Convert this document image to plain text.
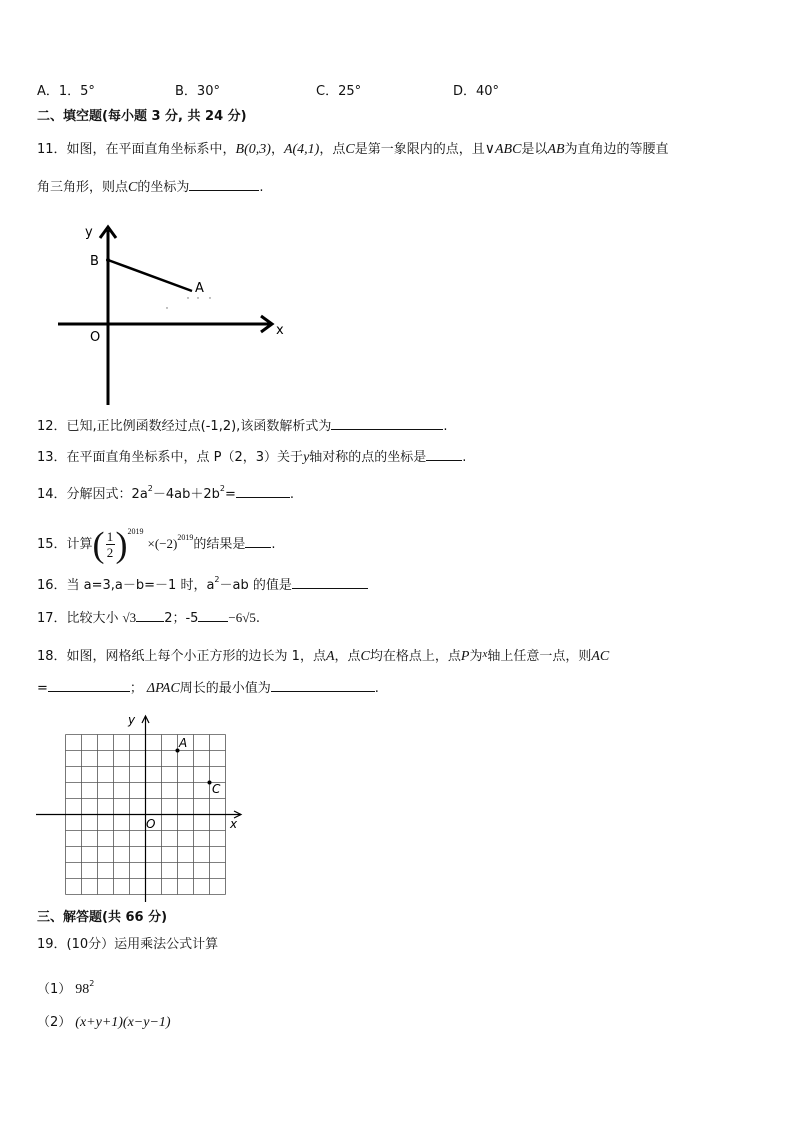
A．1．5°	B．30°	C．25°	D．40°
二、填空题(每小题 3 分, 共 24 分)
11．如图，在平面直角坐标系中，B(0,3)，A(4,1)，点C是第一象限内的点，且∨ABC是以AB为直角边的等腰直
角三角形，则点C的坐标为	.
y
x
O
B
A
12．已知,正比例函数经过点(-1,2),该函数解析式为	.
13．在平面直角坐标系中，点 P（2，3）关于y轴对称的点的坐标是	.
14．分解因式：$2a^2-4ab+2b^2=$	.
15．计算( $\frac{1}{2} )^{2019}\times(-2)^{2019}$的结果是 .
16．当 a=3,a－b=－1 时，$a^2-ab$ 的值是
17．比较大小 √3 2；-5 −6√5.
18．如图，网格纸上每个小正方形的边长为 1，点A，点C均在格点上，点P为$^x$轴上任意一点，则AC
=	； ΔPAC周长的最小值为	.
y
x
O
A
C
三、解答题(共 66 分)
19．(10分）运用乘法公式计算
（1） $98^2$
（2） (x+y+1)(x−y−1)
